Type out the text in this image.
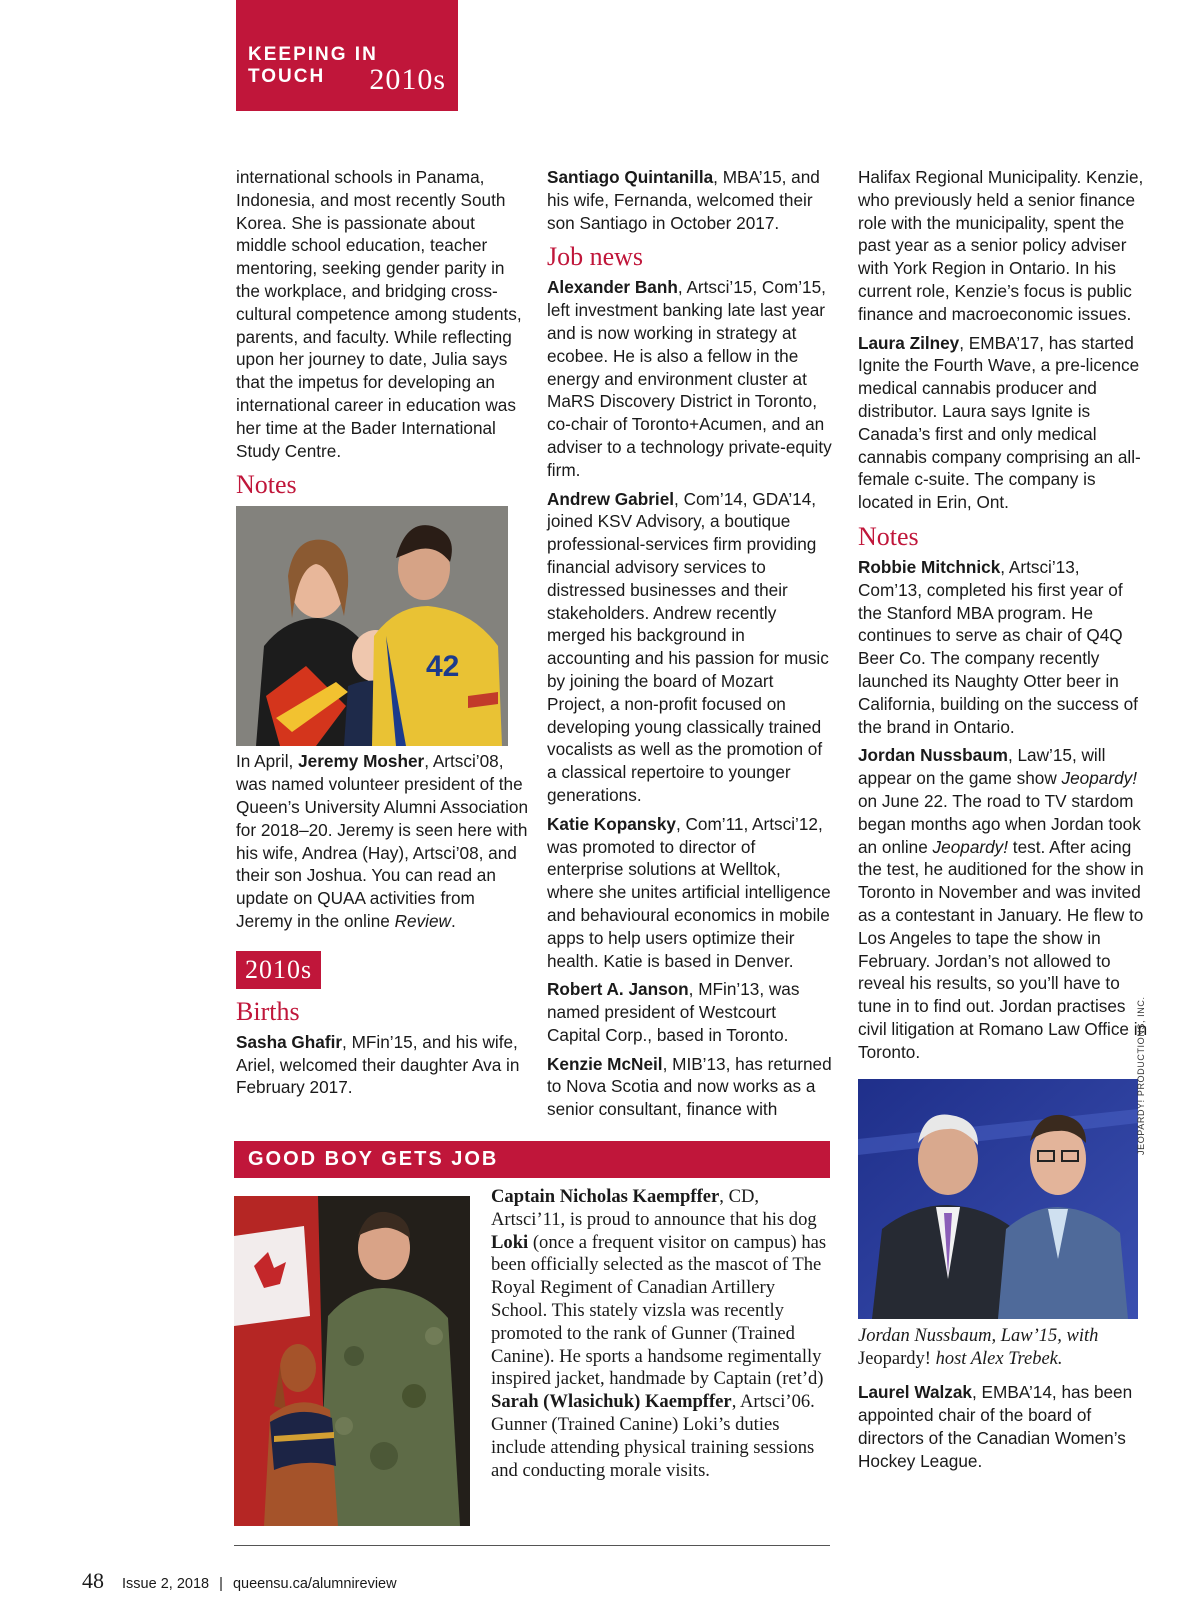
KEEPING IN TOUCH	2010s

international schools in Panama, Indonesia, and most recently South Korea. She is passionate about middle school education, teacher mentoring, seeking gender parity in the workplace, and bridging cross-cultural competence among students, parents, and faculty. While reflecting upon her journey to date, Julia says that the impetus for developing an international career in education was her time at the Bader International Study Centre.

Notes
42

In April, Jeremy Mosher, Artsci’08, was named volunteer president of the Queen’s University Alumni Association for 2018–20. Jeremy is seen here with his wife, Andrea (Hay), Artsci’08, and their son Joshua. You can read an update on QUAA activities from Jeremy in the online Review.

2010s
Births

Sasha Ghafir, MFin’15, and his wife, Ariel, welcomed their daughter Ava in February 2017.

Santiago Quintanilla, MBA’15, and his wife, Fernanda, welcomed their son Santiago in October 2017.

Job news

Alexander Banh, Artsci’15, Com’15, left investment banking late last year and is now working in strategy at ecobee. He is also a fellow in the energy and environment cluster at MaRS Discovery District in Toronto, co-chair of Toronto+Acumen, and an adviser to a technology private-equity firm.

Andrew Gabriel, Com’14, GDA’14, joined KSV Advisory, a boutique professional-services firm providing financial advisory services to distressed businesses and their stakeholders. Andrew recently merged his background in accounting and his passion for music by joining the board of Mozart Project, a non-profit focused on developing young classically trained vocalists as well as the promotion of a classical repertoire to younger generations.

Katie Kopansky, Com’11, Artsci’12, was promoted to director of enterprise solutions at Welltok, where she unites artificial intelligence and behavioural economics in mobile apps to help users optimize their health. Katie is based in Denver.

Robert A. Janson, MFin’13, was named president of Westcourt Capital Corp., based in Toronto.

Kenzie McNeil, MIB’13, has returned to Nova Scotia and now works as a senior consultant, finance with

Halifax Regional Municipality. Kenzie, who previously held a senior finance role with the municipality, spent the past year as a senior policy adviser with York Region in Ontario. In his current role, Kenzie’s focus is public finance and macroeconomic issues.

Laura Zilney, EMBA’17, has started Ignite the Fourth Wave, a pre-licence medical cannabis producer and distributor. Laura says Ignite is Canada’s first and only medical cannabis company comprising an all-female c-suite. The company is located in Erin, Ont.

Notes

Robbie Mitchnick, Artsci’13, Com’13, completed his first year of the Stanford MBA program. He continues to serve as chair of Q4Q Beer Co. The company recently launched its Naughty Otter beer in California, building on the success of the brand in Ontario.

Jordan Nussbaum, Law’15, will appear on the game show Jeopardy! on June 22. The road to TV stardom began months ago when Jordan took an online Jeopardy! test. After acing the test, he auditioned for the show in Toronto in November and was invited as a contestant in January. He flew to Los Angeles to tape the show in February. Jordan’s not allowed to reveal his results, so you’ll have to tune in to find out. Jordan practises civil litigation at Romano Law Office in Toronto.

Jordan Nussbaum, Law’15, with
Jeopardy! host Alex Trebek.

Laurel Walzak, EMBA’14, has been appointed chair of the board of directors of the Canadian Women’s Hockey League.

JEOPARDY! PRODUCTIONS, INC.
GOOD BOY GETS JOB
Captain Nicholas Kaempffer, CD, Artsci’11, is proud to announce that his dog Loki (once a frequent visitor on campus) has been officially selected as the mascot of The Royal Regiment of Canadian Artillery School. This stately vizsla was recently promoted to the rank of Gunner (Trained Canine). He sports a handsome regimentally inspired jacket, handmade by Captain (ret’d) Sarah (Wlasichuk) Kaempffer, Artsci’06. Gunner (Trained Canine) Loki’s duties include attending physical training sessions and conducting morale visits.
48 Issue 2, 2018 | queensu.ca/alumnireview
